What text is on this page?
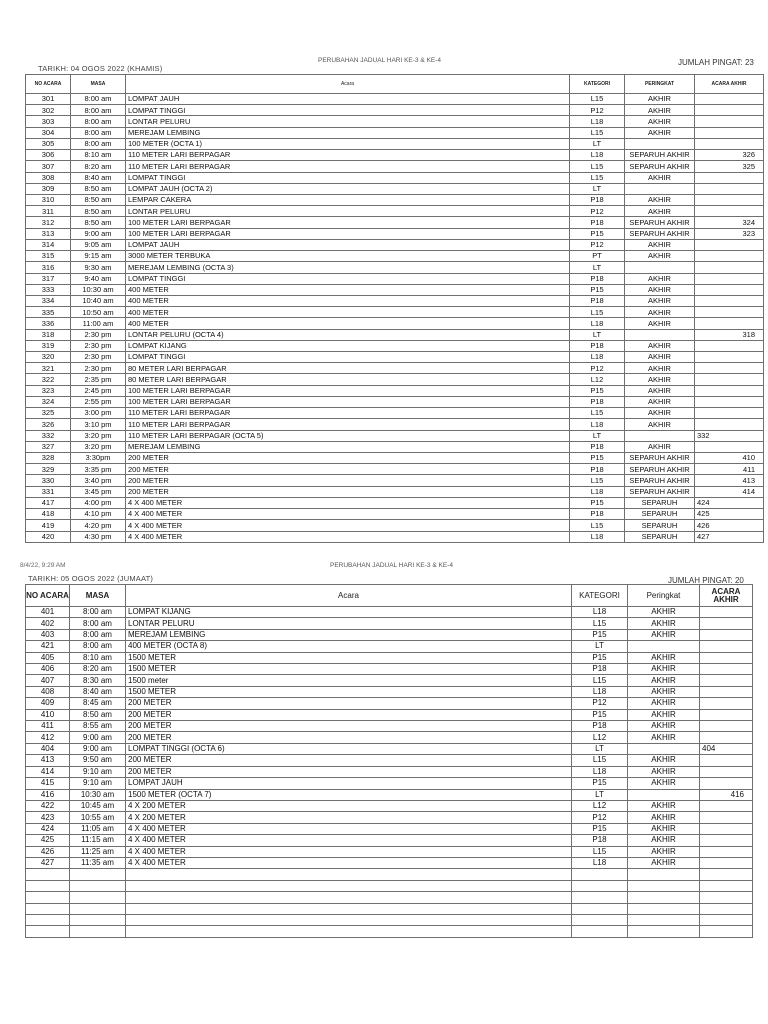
PERUBAHAN JADUAL HARI KE-3 & KE-4
TARIKH: 04 OGOS 2022 (KHAMIS)
JUMLAH PINGAT: 23
NO ACARA	MASA	Acara	KATEGORI	PERINGKAT	ACARA AKHIR
301	8:00 am	LOMPAT JAUH	L15	AKHIR	
302	8:00 am	LOMPAT TINGGI	P12	AKHIR	
303	8:00 am	LONTAR PELURU	L18	AKHIR	
304	8:00 am	MEREJAM LEMBING	L15	AKHIR	
305	8:00 am	100 METER (OCTA 1)	LT		
306	8:10 am	110 METER LARI BERPAGAR	L18	SEPARUH AKHIR	326
307	8:20 am	110 METER LARI BERPAGAR	L15	SEPARUH AKHIR	325
308	8:40 am	LOMPAT TINGGI	L15	AKHIR	
309	8:50 am	LOMPAT JAUH (OCTA 2)	LT		
310	8:50 am	LEMPAR CAKERA	P18	AKHIR	
311	8:50 am	LONTAR PELURU	P12	AKHIR	
312	8:50 am	100 METER LARI BERPAGAR	P18	SEPARUH AKHIR	324
313	9:00 am	100 METER LARI BERPAGAR	P15	SEPARUH AKHIR	323
314	9:05 am	LOMPAT JAUH	P12	AKHIR	
315	9:15 am	3000 METER TERBUKA	PT	AKHIR	
316	9:30 am	MEREJAM LEMBING (OCTA 3)	LT		
317	9:40 am	LOMPAT TINGGI	P18	AKHIR	
333	10:30 am	400 METER	P15	AKHIR	
334	10:40 am	400 METER	P18	AKHIR	
335	10:50 am	400 METER	L15	AKHIR	
336	11:00 am	400 METER	L18	AKHIR	
318	2:30 pm	LONTAR PELURU (OCTA 4)	LT		318
319	2:30 pm	LOMPAT KIJANG	P18	AKHIR	
320	2:30 pm	LOMPAT TINGGI	L18	AKHIR	
321	2:30 pm	80 METER LARI BERPAGAR	P12	AKHIR	
322	2:35 pm	80 METER LARI BERPAGAR	L12	AKHIR	
323	2:45 pm	100 METER LARI BERPAGAR	P15	AKHIR	
324	2:55 pm	100 METER LARI BERPAGAR	P18	AKHIR	
325	3:00 pm	110 METER LARI BERPAGAR	L15	AKHIR	
326	3:10 pm	110 METER LARI BERPAGAR	L18	AKHIR	
332	3:20 pm	110 METER LARI BERPAGAR (OCTA 5)	LT		332
327	3:20 pm	MEREJAM LEMBING	P18	AKHIR	
328	3:30pm	200 METER	P15	SEPARUH AKHIR	410
329	3:35 pm	200 METER	P18	SEPARUH AKHIR	411
330	3:40 pm	200 METER	L15	SEPARUH AKHIR	413
331	3:45 pm	200 METER	L18	SEPARUH AKHIR	414
417	4:00 pm	4 X 400 METER	P15	SEPARUH	424
418	4:10 pm	4 X 400 METER	P18	SEPARUH	425
419	4:20 pm	4 X 400 METER	L15	SEPARUH	426
420	4:30 pm	4 X 400 METER	L18	SEPARUH	427
8/4/22, 9:29 AM	PERUBAHAN JADUAL HARI KE-3 & KE-4
TARIKH: 05 OGOS 2022 (JUMAAT)	JUMLAH PINGAT: 20
NO ACARA	MASA	Acara	KATEGORI	Peringkat	ACARA AKHIR
401	8:00 am	LOMPAT KIJANG	L18	AKHIR	
402	8:00 am	LONTAR PELURU	L15	AKHIR	
403	8:00 am	MEREJAM LEMBING	P15	AKHIR	
421	8:00 am	400 METER (OCTA 8)	LT		
405	8:10 am	1500 METER	P15	AKHIR	
406	8:20 am	1500 METER	P18	AKHIR	
407	8:30 am	1500 meter	L15	AKHIR	
408	8:40 am	1500 METER	L18	AKHIR	
409	8:45 am	200 METER	P12	AKHIR	
410	8:50 am	200 METER	P15	AKHIR	
411	8:55 am	200 METER	P18	AKHIR	
412	9:00 am	200 METER	L12	AKHIR	
404	9:00 am	LOMPAT TINGGI (OCTA 6)	LT		404
413	9:50 am	200 METER	L15	AKHIR	
414	9:10 am	200 METER	L18	AKHIR	
415	9:10 am	LOMPAT JAUH	P15	AKHIR	
416	10:30 am	1500 METER (OCTA 7)	LT		416
422	10:45 am	4 X 200 METER	L12	AKHIR	
423	10:55 am	4 X 200 METER	P12	AKHIR	
424	11:05 am	4 X 400 METER	P15	AKHIR	
425	11:15 am	4 X 400 METER	P18	AKHIR	
426	11:25 am	4 X 400 METER	L15	AKHIR	
427	11:35 am	4 X 400 METER	L18	AKHIR	
